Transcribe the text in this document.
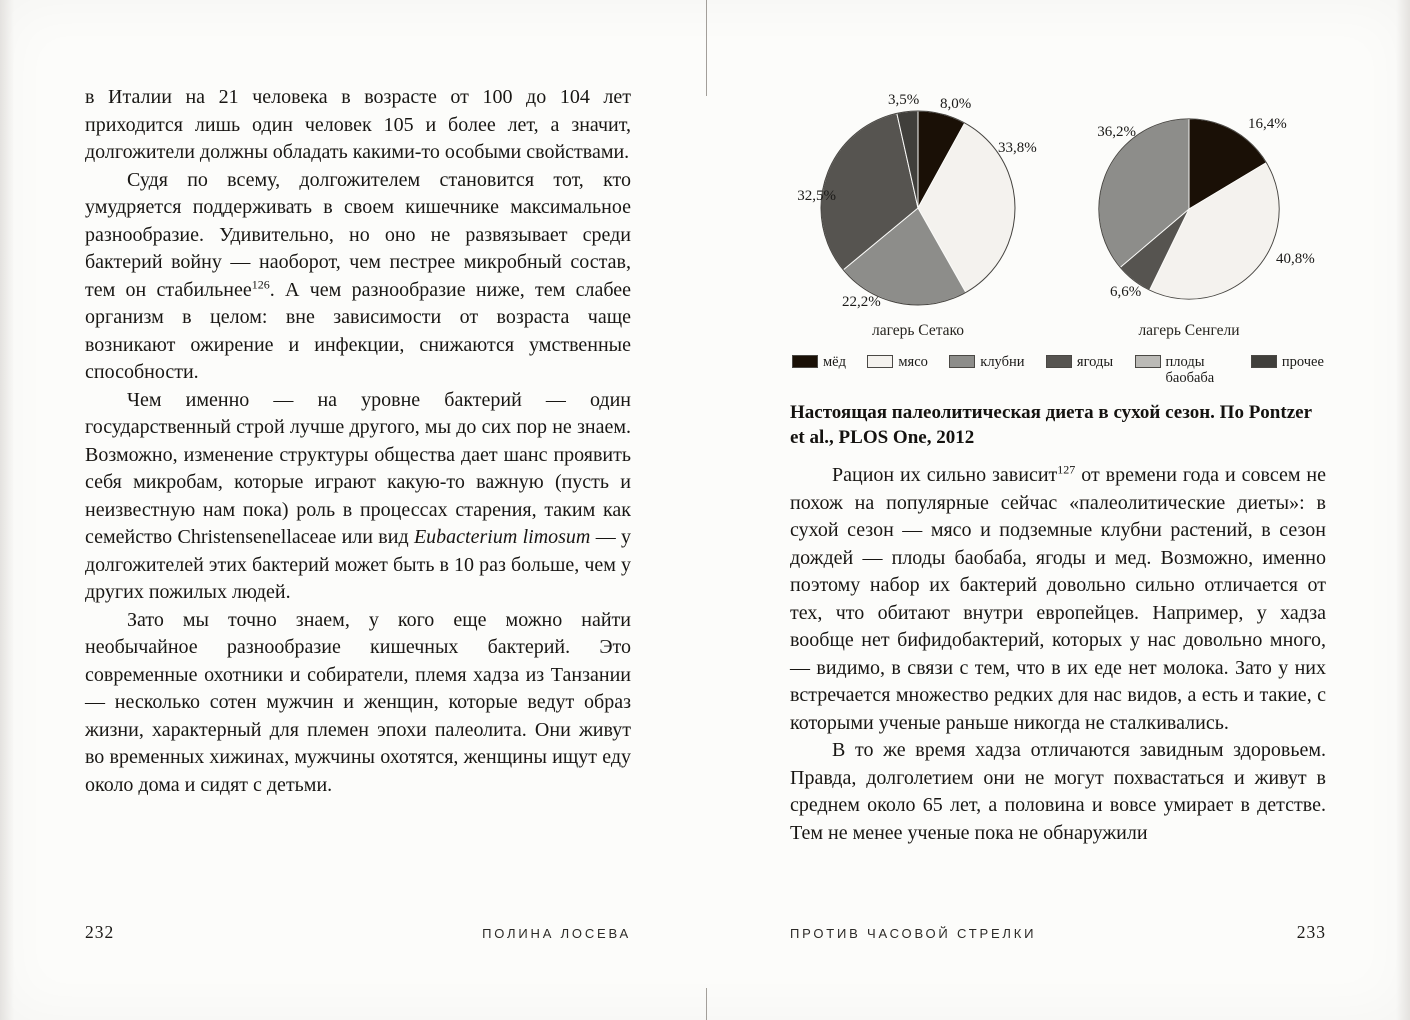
в Италии на 21 человека в возрасте от 100 до 104 лет приходится лишь один человек 105 и более лет, а значит, долгожители должны обладать какими-то особыми свойствами.

Судя по всему, долгожителем становится тот, кто умудряется поддерживать в своем кишечнике максимальное разнообразие. Удивительно, но оно не развязывает среди бактерий войну — наоборот, чем пестрее микробный состав, тем он стабильнее$^{126}$. А чем разнообразие ниже, тем слабее организм в целом: вне зависимости от возраста чаще возникают ожирение и инфекции, снижаются умственные способности.

Чем именно — на уровне бактерий — один государственный строй лучше другого, мы до сих пор не знаем. Возможно, изменение структуры общества дает шанс проявить себя микробам, которые играют какую-то важную (пусть и неизвестную нам пока) роль в процессах старения, таким как семейство Christensenellaceae или вид Eubacterium limosum — у долгожителей этих бактерий может быть в 10 раз больше, чем у других пожилых людей.

Зато мы точно знаем, у кого еще можно найти необычайное разнообразие кишечных бактерий. Это современные охотники и собиратели, племя хадза из Танзании — несколько сотен мужчин и женщин, которые ведут образ жизни, характерный для племен эпохи палеолита. Они живут во временных хижинах, мужчины охотятся, женщины ищут еду около дома и сидят с детьми.

3,5% 8,0%
33,8%
32,5%
22,2%
36,2%	16,4%
40,8%
6,6%
лагерь Сетако	лагерь Сенгели
мёд	мясо	клубни	ягоды	плоды баобаба
прочее
Настоящая палеолитическая диета в сухой сезон. По Pontzer et al., PLOS One, 2012

Рацион их сильно зависит$^{127}$ от времени года и совсем не похож на популярные сейчас «палеолитические диеты»: в сухой сезон — мясо и подземные клубни растений, в сезон дождей — плоды баобаба, ягоды и мед. Возможно, именно поэтому набор их бактерий довольно сильно отличается от тех, что обитают внутри европейцев. Например, у хадза вообще нет бифидобактерий, которых у нас довольно много, — видимо, в связи с тем, что в их еде нет молока. Зато у них встречается множество редких для нас видов, а есть и такие, с которыми ученые раньше никогда не сталкивались.

В то же время хадза отличаются завидным здоровьем. Правда, долголетием они не могут похвастаться и живут в среднем около 65 лет, а половина и вовсе умирает в детстве. Тем не менее ученые пока не обнаружили

232	ПОЛИНА ЛОСЕВА	ПРОТИВ ЧАСОВОЙ СТРЕЛКИ	233
